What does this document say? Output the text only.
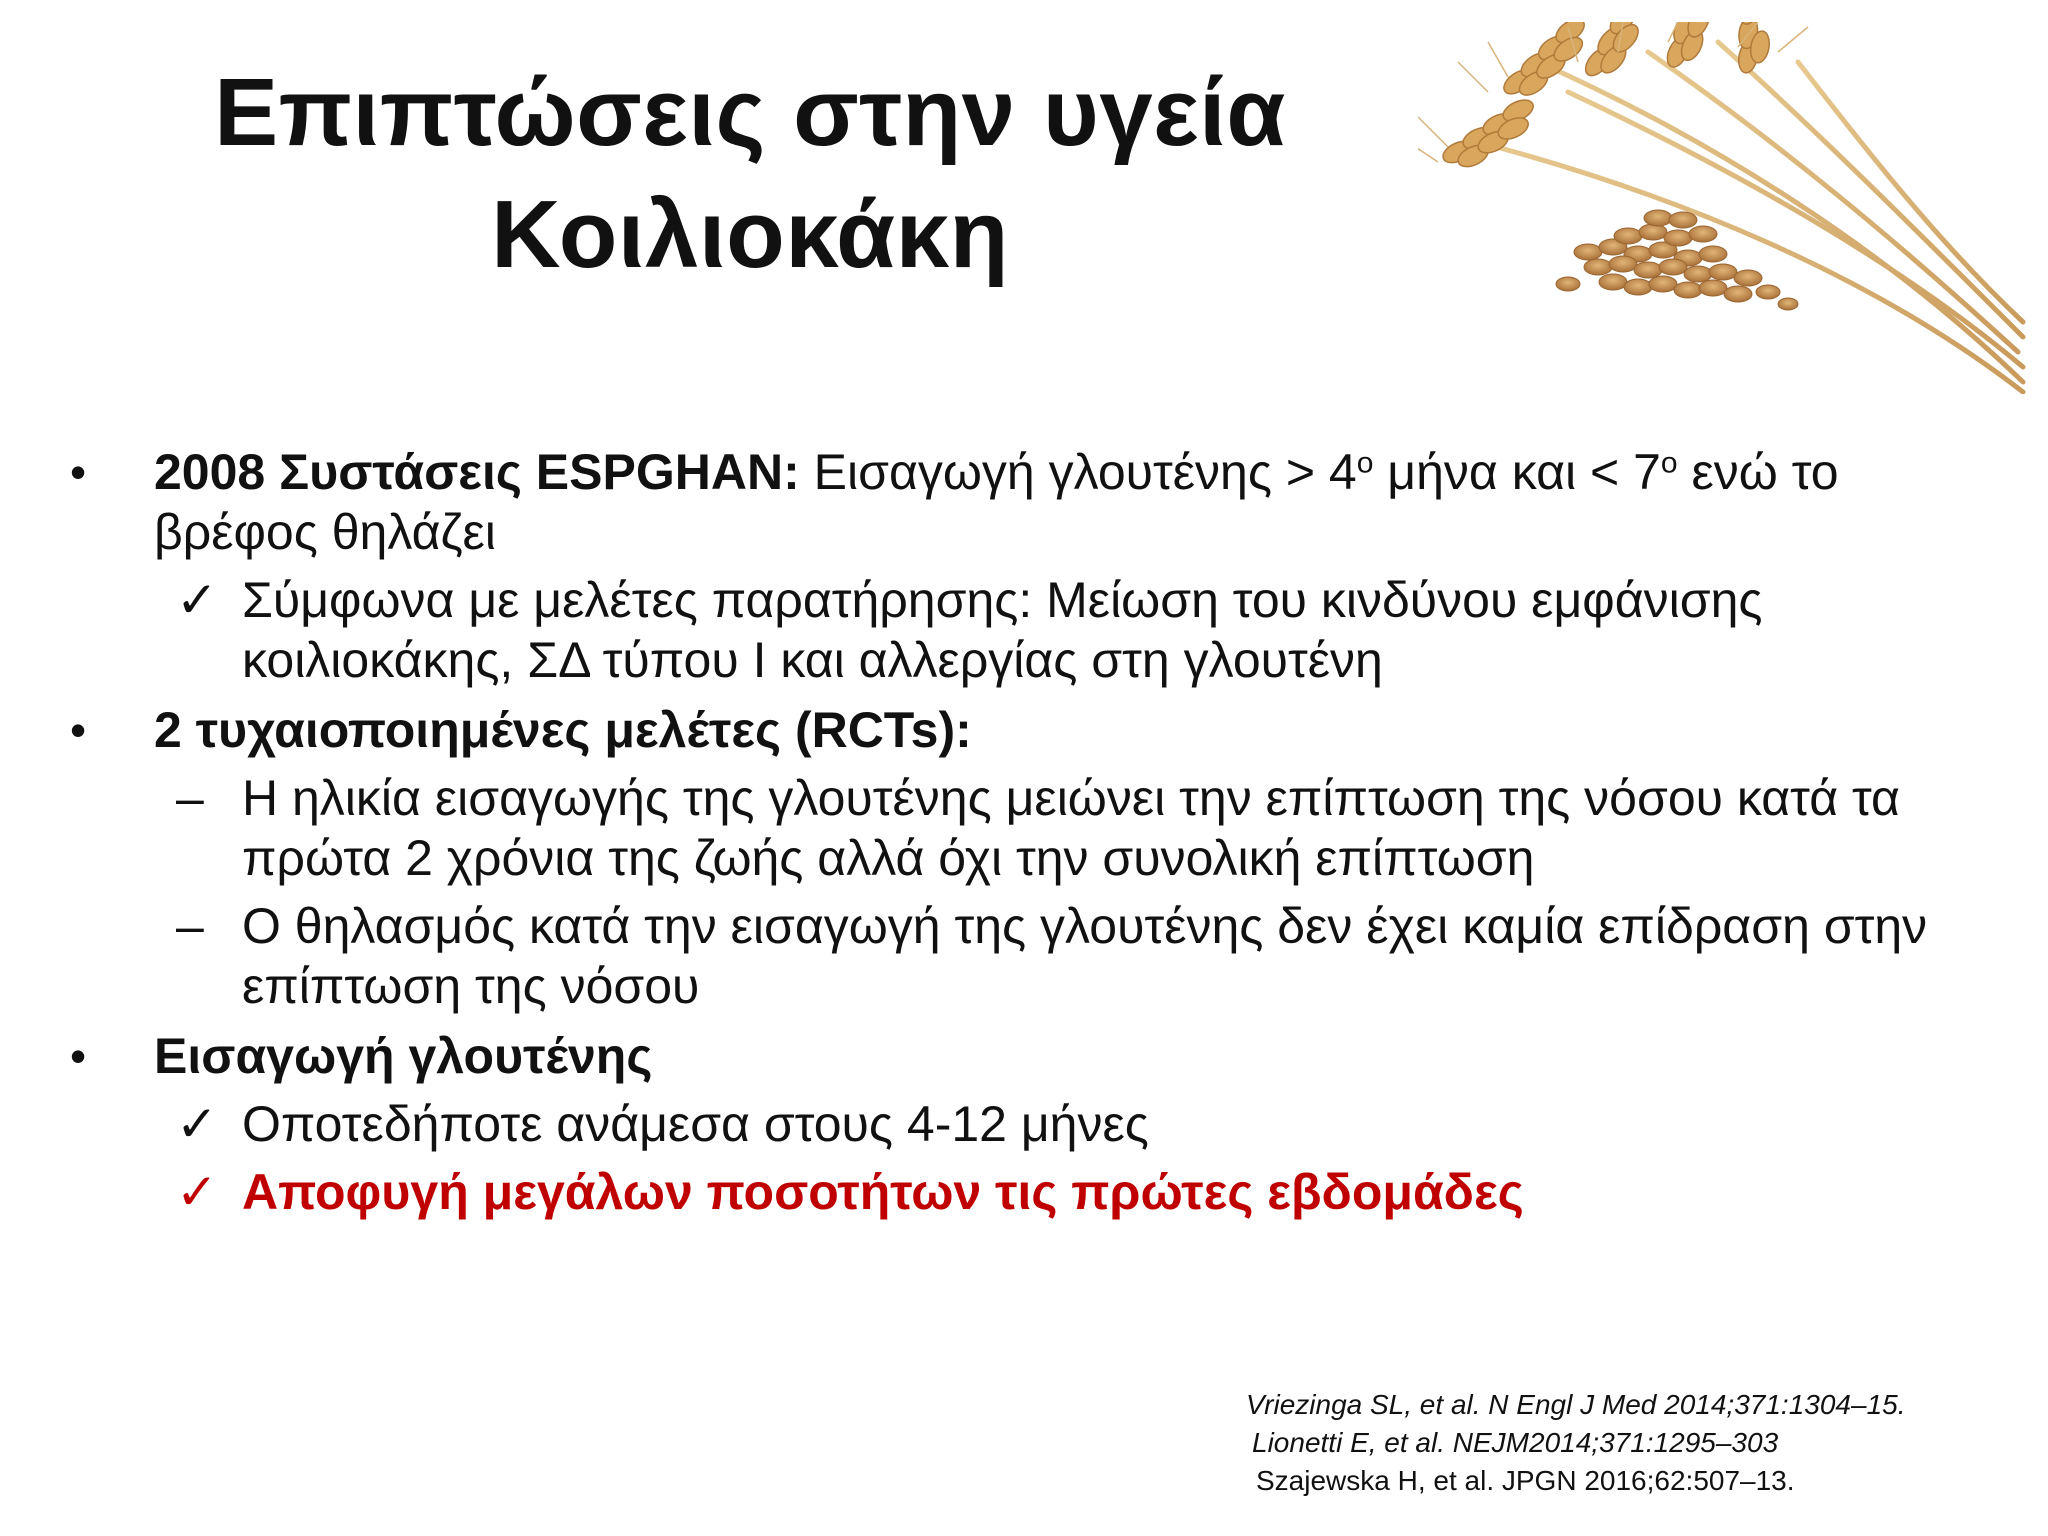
Επιπτώσεις στην υγεία
Κοιλιοκάκη
• 2008 Συστάσεις ESPGHAN: Εισαγωγή $\gamma\lambda o\upsilon\tau έ\nu\eta\varsigma > 4^o$ μήνα $\kappa\alpha\iota < 7^o$ ενώ το βρέφος θηλάζει
✓ Σύμφωνα με μελέτες παρατήρησης: Μείωση του κινδύνου εμφάνισης κοιλιοκάκης, ΣΔ τύπου Ι και αλλεργίας στη γλουτένη
• 2 τυχαιοποιημένες μελέτες (RCTs):
– Η ηλικία εισαγωγής της γλουτένης μειώνει την επίπτωση της νόσου κατά τα πρώτα 2 χρόνια της ζωής αλλά όχι την συνολική επίπτωση
– Ο θηλασμός κατά την εισαγωγή της γλουτένης δεν έχει καμία επίδραση στην επίπτωση της νόσου
• Εισαγωγή γλουτένης
✓ Οποτεδήποτε ανάμεσα στους 4-12 μήνες
✓ Αποφυγή μεγάλων ποσοτήτων τις πρώτες εβδομάδες
Vriezinga SL, et al. N Engl J Med 2014;371:1304–15.
Lionetti E, et al. NEJM2014;371:1295–303
Szajewska H, et al. JPGN 2016;62:507–13.
